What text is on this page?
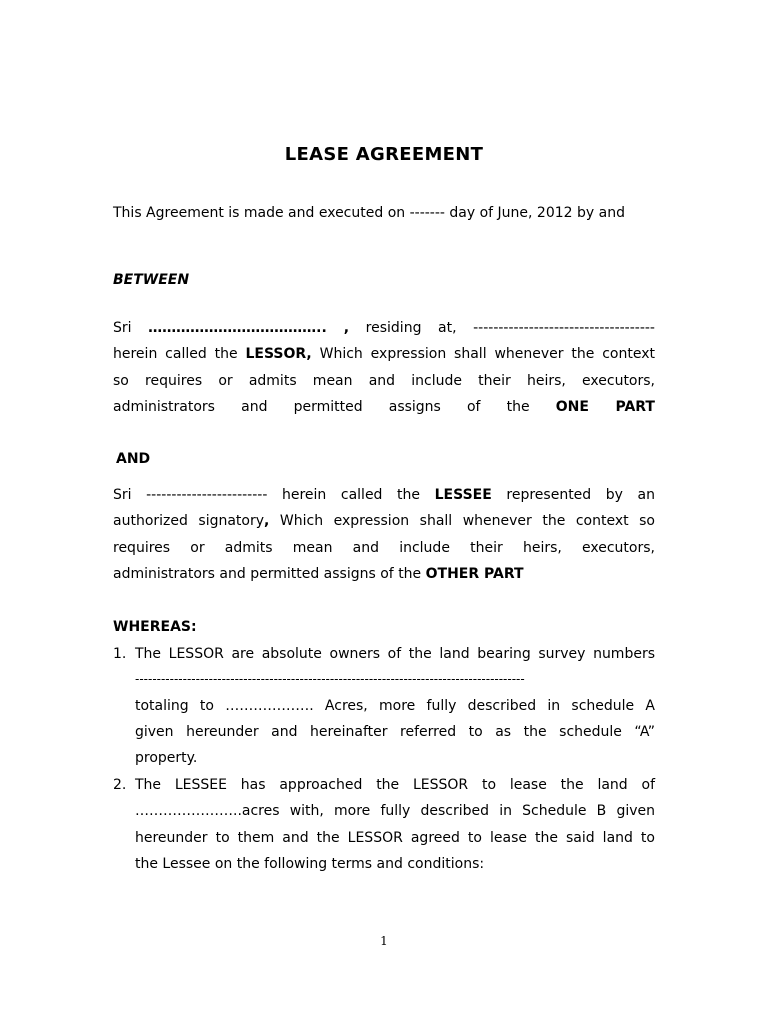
LEASE AGREEMENT
This Agreement is made and executed on ------- day of June, 2012 by and
BETWEEN
Sri ……………………………….. , residing at, ------------------------------------
herein called the LESSOR, Which expression shall whenever the context
so requires or admits mean and include their heirs, executors,
administrators and permitted assigns of the ONE PART
AND
Sri ------------------------ herein called the LESSEE represented by an
authorized signatory, Which expression shall whenever the context so
requires or admits mean and include their heirs, executors,
administrators and permitted assigns of the OTHER PART
WHEREAS:
1. The LESSOR are absolute owners of the land bearing survey numbers
------------------------------------------------------------------------------------------
totaling to ………………. Acres, more fully described in schedule A
given hereunder and hereinafter referred to as the schedule “A”
property.
2. The LESSEE has approached the LESSOR to lease the land of
…………………..acres with, more fully described in Schedule B given
hereunder to them and the LESSOR agreed to lease the said land to
the Lessee on the following terms and conditions:
1
